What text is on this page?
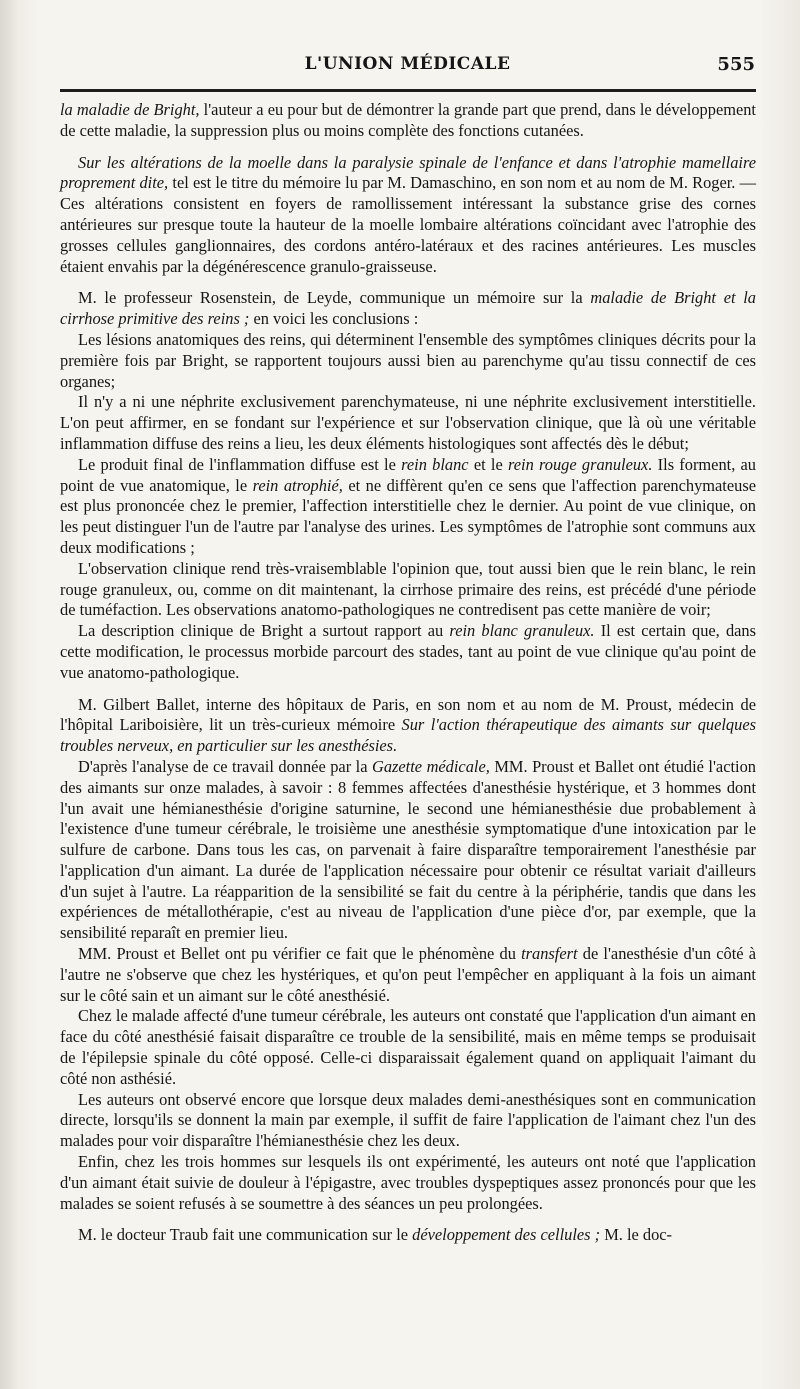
L'UNION MÉDICALE	555

la maladie de Bright, l'auteur a eu pour but de démontrer la grande part que prend, dans le développement de cette maladie, la suppression plus ou moins complète des fonctions cutanées.

Sur les altérations de la moelle dans la paralysie spinale de l'enfance et dans l'atrophie mamellaire proprement dite, tel est le titre du mémoire lu par M. Damaschino, en son nom et au nom de M. Roger. — Ces altérations consistent en foyers de ramollissement intéressant la substance grise des cornes antérieures sur presque toute la hauteur de la moelle lombaire altérations coïncidant avec l'atrophie des grosses cellules ganglionnaires, des cordons antéro-latéraux et des racines antérieures. Les muscles étaient envahis par la dégénérescence granulo-graisseuse.

M. le professeur Rosenstein, de Leyde, communique un mémoire sur la maladie de Bright et la cirrhose primitive des reins ; en voici les conclusions :

Les lésions anatomiques des reins, qui déterminent l'ensemble des symptômes cliniques décrits pour la première fois par Bright, se rapportent toujours aussi bien au parenchyme qu'au tissu connectif de ces organes;

Il n'y a ni une néphrite exclusivement parenchymateuse, ni une néphrite exclusivement interstitielle. L'on peut affirmer, en se fondant sur l'expérience et sur l'observation clinique, que là où une véritable inflammation diffuse des reins a lieu, les deux éléments histologiques sont affectés dès le début;

Le produit final de l'inflammation diffuse est le rein blanc et le rein rouge granuleux. Ils forment, au point de vue anatomique, le rein atrophié, et ne diffèrent qu'en ce sens que l'affection parenchymateuse est plus prononcée chez le premier, l'affection interstitielle chez le dernier. Au point de vue clinique, on les peut distinguer l'un de l'autre par l'analyse des urines. Les symptômes de l'atrophie sont communs aux deux modifications ;

L'observation clinique rend très-vraisemblable l'opinion que, tout aussi bien que le rein blanc, le rein rouge granuleux, ou, comme on dit maintenant, la cirrhose primaire des reins, est précédé d'une période de tuméfaction. Les observations anatomo-pathologiques ne contredisent pas cette manière de voir;

La description clinique de Bright a surtout rapport au rein blanc granuleux. Il est certain que, dans cette modification, le processus morbide parcourt des stades, tant au point de vue clinique qu'au point de vue anatomo-pathologique.

M. Gilbert Ballet, interne des hôpitaux de Paris, en son nom et au nom de M. Proust, médecin de l'hôpital Lariboisière, lit un très-curieux mémoire Sur l'action thérapeutique des aimants sur quelques troubles nerveux, en particulier sur les anesthésies.

D'après l'analyse de ce travail donnée par la Gazette médicale, MM. Proust et Ballet ont étudié l'action des aimants sur onze malades, à savoir : 8 femmes affectées d'anesthésie hystérique, et 3 hommes dont l'un avait une hémianesthésie d'origine saturnine, le second une hémianesthésie due probablement à l'existence d'une tumeur cérébrale, le troisième une anesthésie symptomatique d'une intoxication par le sulfure de carbone. Dans tous les cas, on parvenait à faire disparaître temporairement l'anesthésie par l'application d'un aimant. La durée de l'application nécessaire pour obtenir ce résultat variait d'ailleurs d'un sujet à l'autre. La réapparition de la sensibilité se fait du centre à la périphérie, tandis que dans les expériences de métallothérapie, c'est au niveau de l'application d'une pièce d'or, par exemple, que la sensibilité reparaît en premier lieu.

MM. Proust et Bellet ont pu vérifier ce fait que le phénomène du transfert de l'anesthésie d'un côté à l'autre ne s'observe que chez les hystériques, et qu'on peut l'empêcher en appliquant à la fois un aimant sur le côté sain et un aimant sur le côté anesthésié.

Chez le malade affecté d'une tumeur cérébrale, les auteurs ont constaté que l'application d'un aimant en face du côté anesthésié faisait disparaître ce trouble de la sensibilité, mais en même temps se produisait de l'épilepsie spinale du côté opposé. Celle-ci disparaissait également quand on appliquait l'aimant du côté non asthésié.

Les auteurs ont observé encore que lorsque deux malades demi-anesthésiques sont en communication directe, lorsqu'ils se donnent la main par exemple, il suffit de faire l'application de l'aimant chez l'un des malades pour voir disparaître l'hémianesthésie chez les deux.

Enfin, chez les trois hommes sur lesquels ils ont expérimenté, les auteurs ont noté que l'application d'un aimant était suivie de douleur à l'épigastre, avec troubles dyspeptiques assez prononcés pour que les malades se soient refusés à se soumettre à des séances un peu prolongées.

M. le docteur Traub fait une communication sur le développement des cellules ; M. le doc-
